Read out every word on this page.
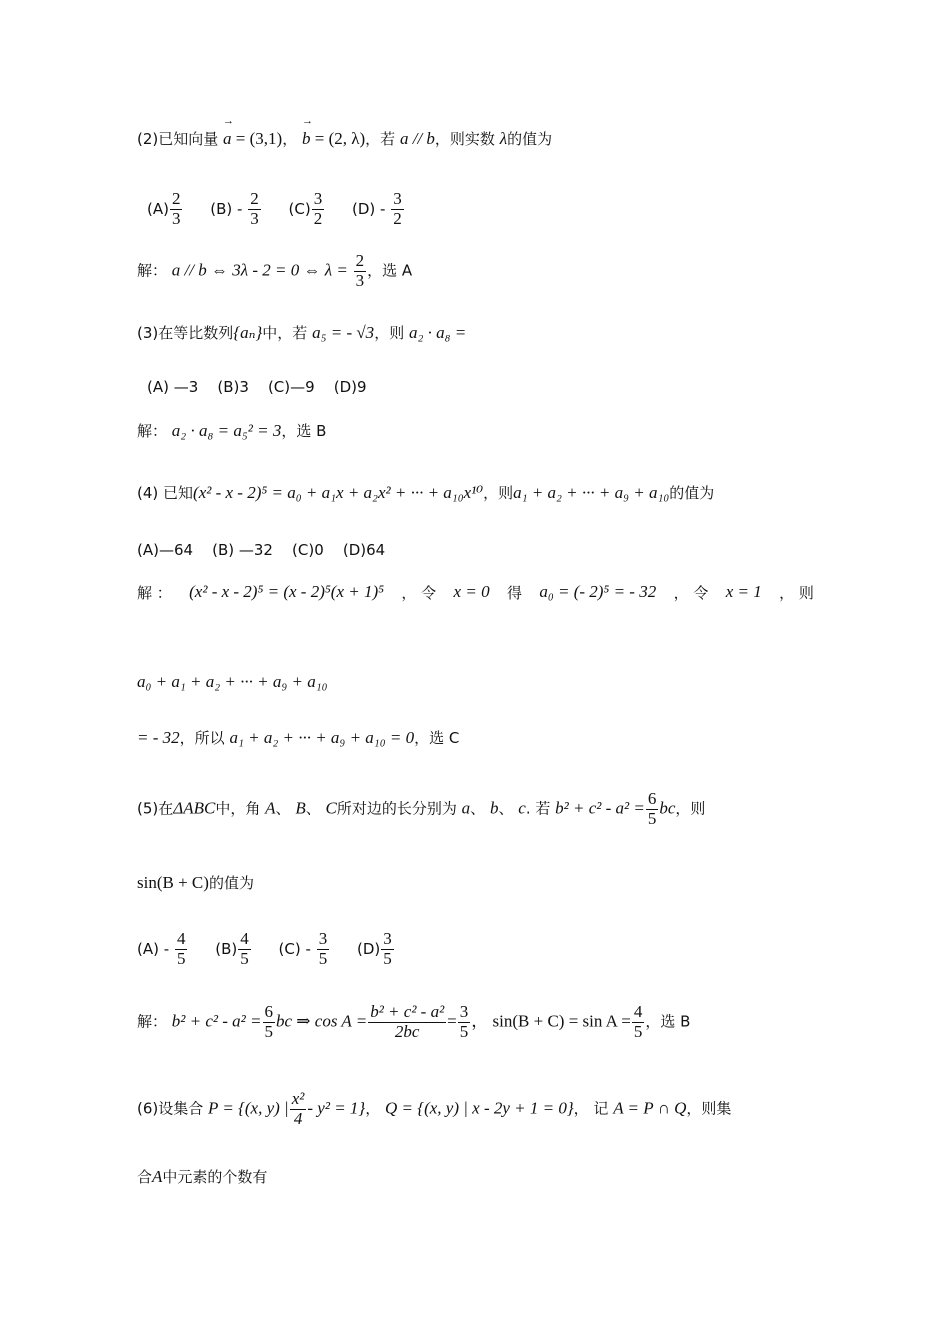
(2)已知向量 → a = (3,1)， → b = (2, λ)，若 a // b，则实数 λ的值为
$(A) \frac{2}{3} (B) - \frac{2}{3} (C) \frac{3}{2} (D) - \frac{3}{2}$
解： a // b ⇔ 3λ - 2 = 0 ⇔ $\lambda = \frac{2}{3}$ ，选 A
(3)在等比数列{aₙ}中，若 a₅ = - √3，则 a₂ · a₈ =
(A) —3    (B)3    (C)—9    (D)9
解： a₂ · a₈ = a₅² = 3，选 B
(4) 已知(x² - x - 2)⁵ = a₀ + a₁x + a₂x² + ··· + a₁₀x¹⁰，则a₁ + a₂ + ··· + a₉ + a₁₀的值为
(A)—64    (B) —32    (C)0    (D)64
解 ： (x² - x - 2)⁵ = (x - 2)⁵(x + 1)⁵ ， 令 x = 0 得 a₀ = (- 2)⁵ = - 32 ， 令 x = 1 ， 则
a₀ + a₁ + a₂ + ··· + a₉ + a₁₀
= - 32，所以 a₁ + a₂ + ··· + a₉ + a₁₀ = 0，选 C
(5)在ΔABC中，角 A、 B、 C所对边的长分别为 a、 b、 c. 若 $b^2 + c^2 - a^2 = \frac{6}{5}$ bc，则
sin(B + C)的值为
$(A) - \frac{4}{5} (B) \frac{4}{5} (C) - \frac{3}{5} (D) \frac{3}{5}$
解： $b^2 + c^2 - a^2 = \frac{6}{5}$ bc ⇒ $\cos A = \frac{\text{b² + c² - a²}}{2bc} = \frac{3}{5}$ ， $\sin(B + C) = \sin A = \frac{4}{5}$ ，选 B
(6)设集合 P = {(x, y) | $\frac{\text{x²}}{4} - y^2 = 1$}， Q = {(x, y) | x - 2y + 1 = 0}， 记 A = P ∩ Q，则集
合A中元素的个数有
